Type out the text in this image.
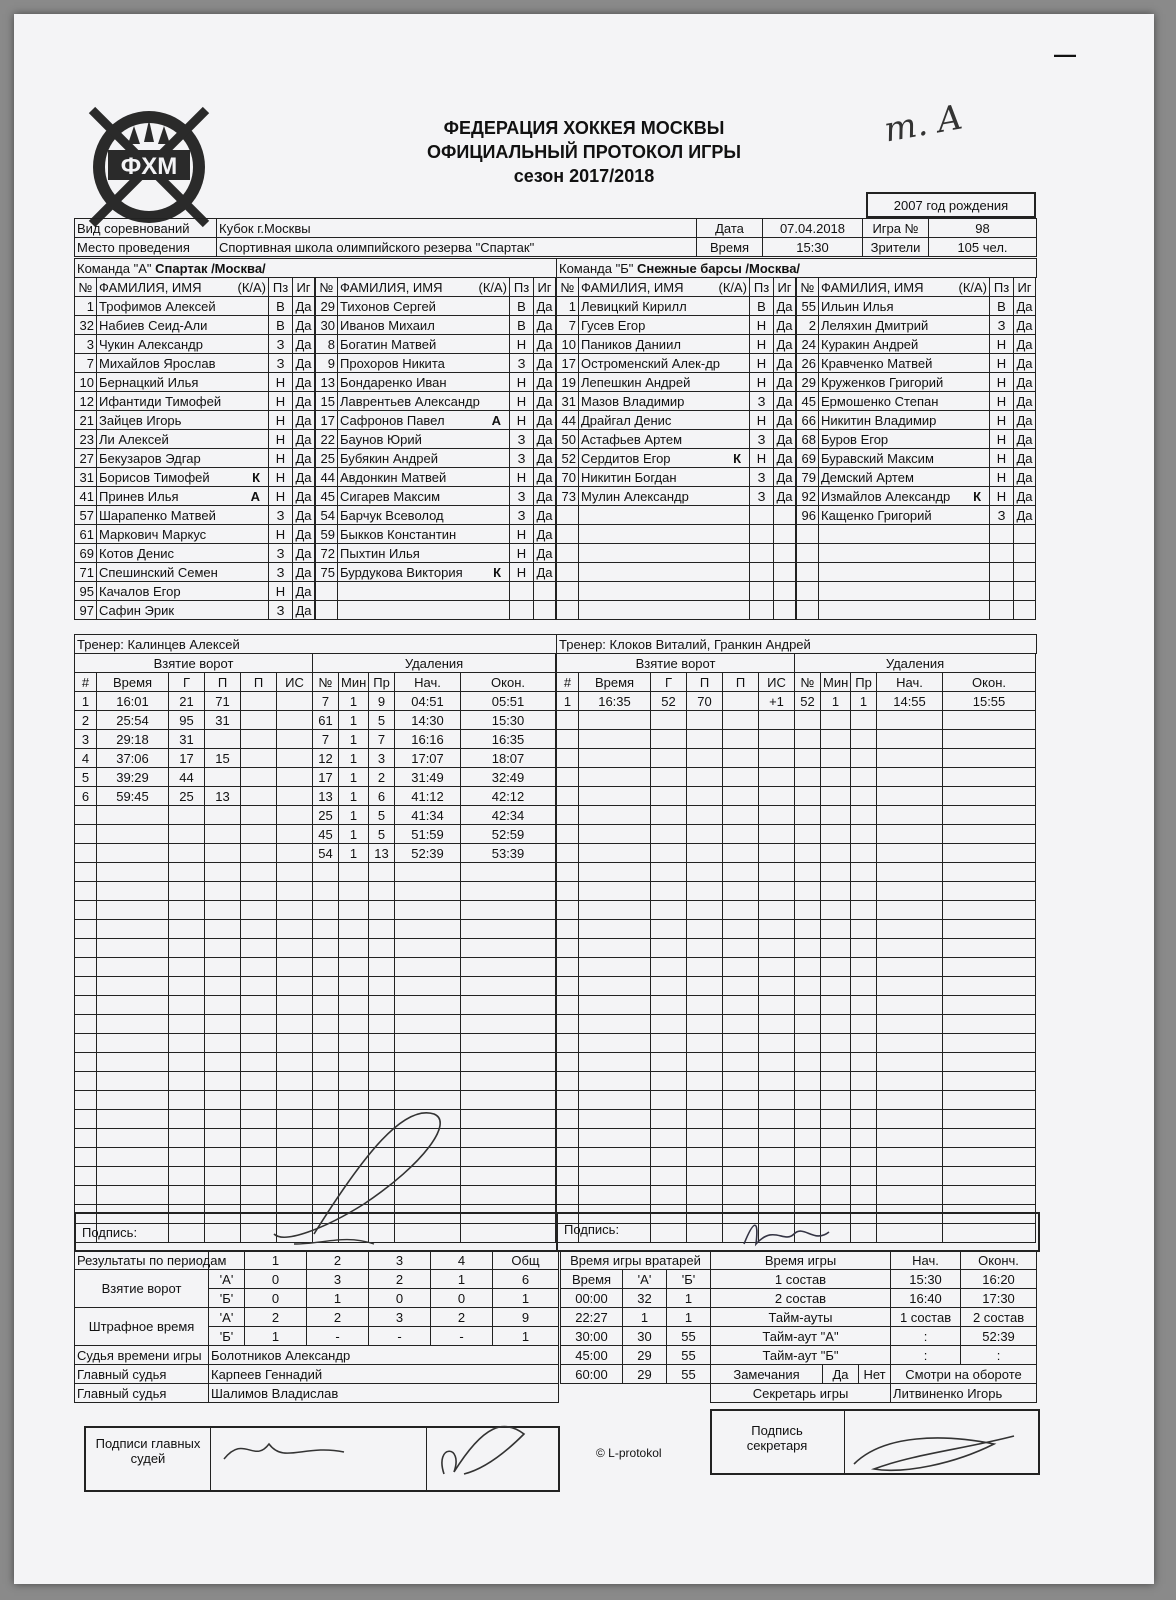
ФХМ
ФЕДЕРАЦИЯ ХОККЕЯ МОСКВЫ
ОФИЦИАЛЬНЫЙ ПРОТОКОЛ ИГРЫ
сезон 2017/2018
m. A
—
2007 год рождения
Вид соревнований	Кубок г.Москвы	Дата	07.04.2018	Игра №	98
Место проведения	Спортивная школа олимпийского резерва "Спартак"	Время	15:30	Зрители	105 чел.
Команда "А" Спартак /Москва/	Команда "Б" Снежные барсы /Москва/
№	ФАМИЛИЯ, ИМЯ (К/А)	Пз	Иг
1	Трофимов Алексей	В	Да
32	Набиев Сеид-Али	В	Да
3	Чукин Александр	З	Да
7	Михайлов Ярослав	З	Да
10	Бернацкий Илья	Н	Да
12	Ифантиди Тимофей	Н	Да
21	Зайцев Игорь	Н	Да
23	Ли Алексей	Н	Да
27	Бекузаров Эдгар	Н	Да
31	Борисов Тимофей К	Н	Да
41	Принев Илья А	Н	Да
57	Шарапенко Матвей	З	Да
61	Маркович Маркус	Н	Да
69	Котов Денис	З	Да
71	Спешинский Семен	З	Да
95	Качалов Егор	Н	Да
97	Сафин Эрик	З	Да
№	ФАМИЛИЯ, ИМЯ (К/А)	Пз	Иг
29	Тихонов Сергей	В	Да
30	Иванов Михаил	В	Да
8	Богатин Матвей	Н	Да
9	Прохоров Никита	З	Да
13	Бондаренко Иван	Н	Да
15	Лаврентьев Александр	Н	Да
17	Сафронов Павел А	Н	Да
22	Баунов Юрий	З	Да
25	Бубякин Андрей	З	Да
44	Авдонкин Матвей	Н	Да
45	Сигарев Максим	З	Да
54	Барчук Всеволод	З	Да
59	Быкков Константин	Н	Да
72	Пыхтин Илья	Н	Да
75	Бурдукова Виктория К	Н	Да

№	ФАМИЛИЯ, ИМЯ (К/А)	Пз	Иг
1	Левицкий Кирилл	В	Да
7	Гусев Егор	Н	Да
10	Паников Даниил	Н	Да
17	Остроменский Алек-др	Н	Да
19	Лепешкин Андрей	Н	Да
31	Мазов Владимир	З	Да
44	Драйгал Денис	Н	Да
50	Астафьев Артем	З	Да
52	Сердитов Егор К	Н	Да
70	Никитин Богдан	З	Да
73	Мулин Александр	З	Да

№	ФАМИЛИЯ, ИМЯ (К/А)	Пз	Иг
55	Ильин Илья	В	Да
2	Леляхин Дмитрий	З	Да
24	Куракин Андрей	Н	Да
26	Кравченко Матвей	Н	Да
29	Круженков Григорий	Н	Да
45	Ермошенко Степан	Н	Да
66	Никитин Владимир	Н	Да
68	Буров Егор	Н	Да
69	Буравский Максим	Н	Да
79	Демский Артем	Н	Да
92	Измайлов Александр К	Н	Да
96	Кащенко Григорий	З	Да

Тренер: Калинцев Алексей	Тренер: Клоков Виталий, Гранкин Андрей
Взятие ворот						Удаления				
#	Время	Г	П	П	ИС	№	Мин	Пр	Нач.	Окон.
1	16:01	21	71			7	1	9	04:51	05:51
2	25:54	95	31			61	1	5	14:30	15:30
3	29:18	31				7	1	7	16:16	16:35
4	37:06	17	15			12	1	3	17:07	18:07
5	39:29	44				17	1	2	31:49	32:49
6	59:45	25	13			13	1	6	41:12	42:12
						25	1	5	41:34	42:34
						45	1	5	51:59	52:59
						54	1	13	52:39	53:39

Взятие ворот						Удаления				
#	Время	Г	П	П	ИС	№	Мин	Пр	Нач.	Окон.
1	16:35	52	70		+1	52	1	1	14:55	15:55

Подпись:	Подпись:
Результаты по периодам		1	2	3	4	Общ
Взятие ворот	'А'	0	3	2	1	6
	'Б'	0	1	0	0	1
Штрафное время	'А'	2	2	3	2	9
	'Б'	1	-	-	-	1
Судья времени игры	Болотников Александр					
Главный судья	Карпеев Геннадий					
Главный судья	Шалимов Владислав					
Подписи главных судей
Время игры вратарей		
Время	'А'	'Б'
00:00	32	1
22:27	1	1
30:00	30	55
45:00	29	55
60:00	29	55
Время игры			Нач.	Оконч.
1 состав			15:30	16:20
2 состав			16:40	17:30
Тайм-ауты			1 состав	2 состав
Тайм-аут "А"			:	52:39
Тайм-аут "Б"			:	:
Замечания	Да	Нет	Смотри на обороте	
Секретарь игры			Литвиненко Игорь	
Подпись секретаря
© L-protokol
